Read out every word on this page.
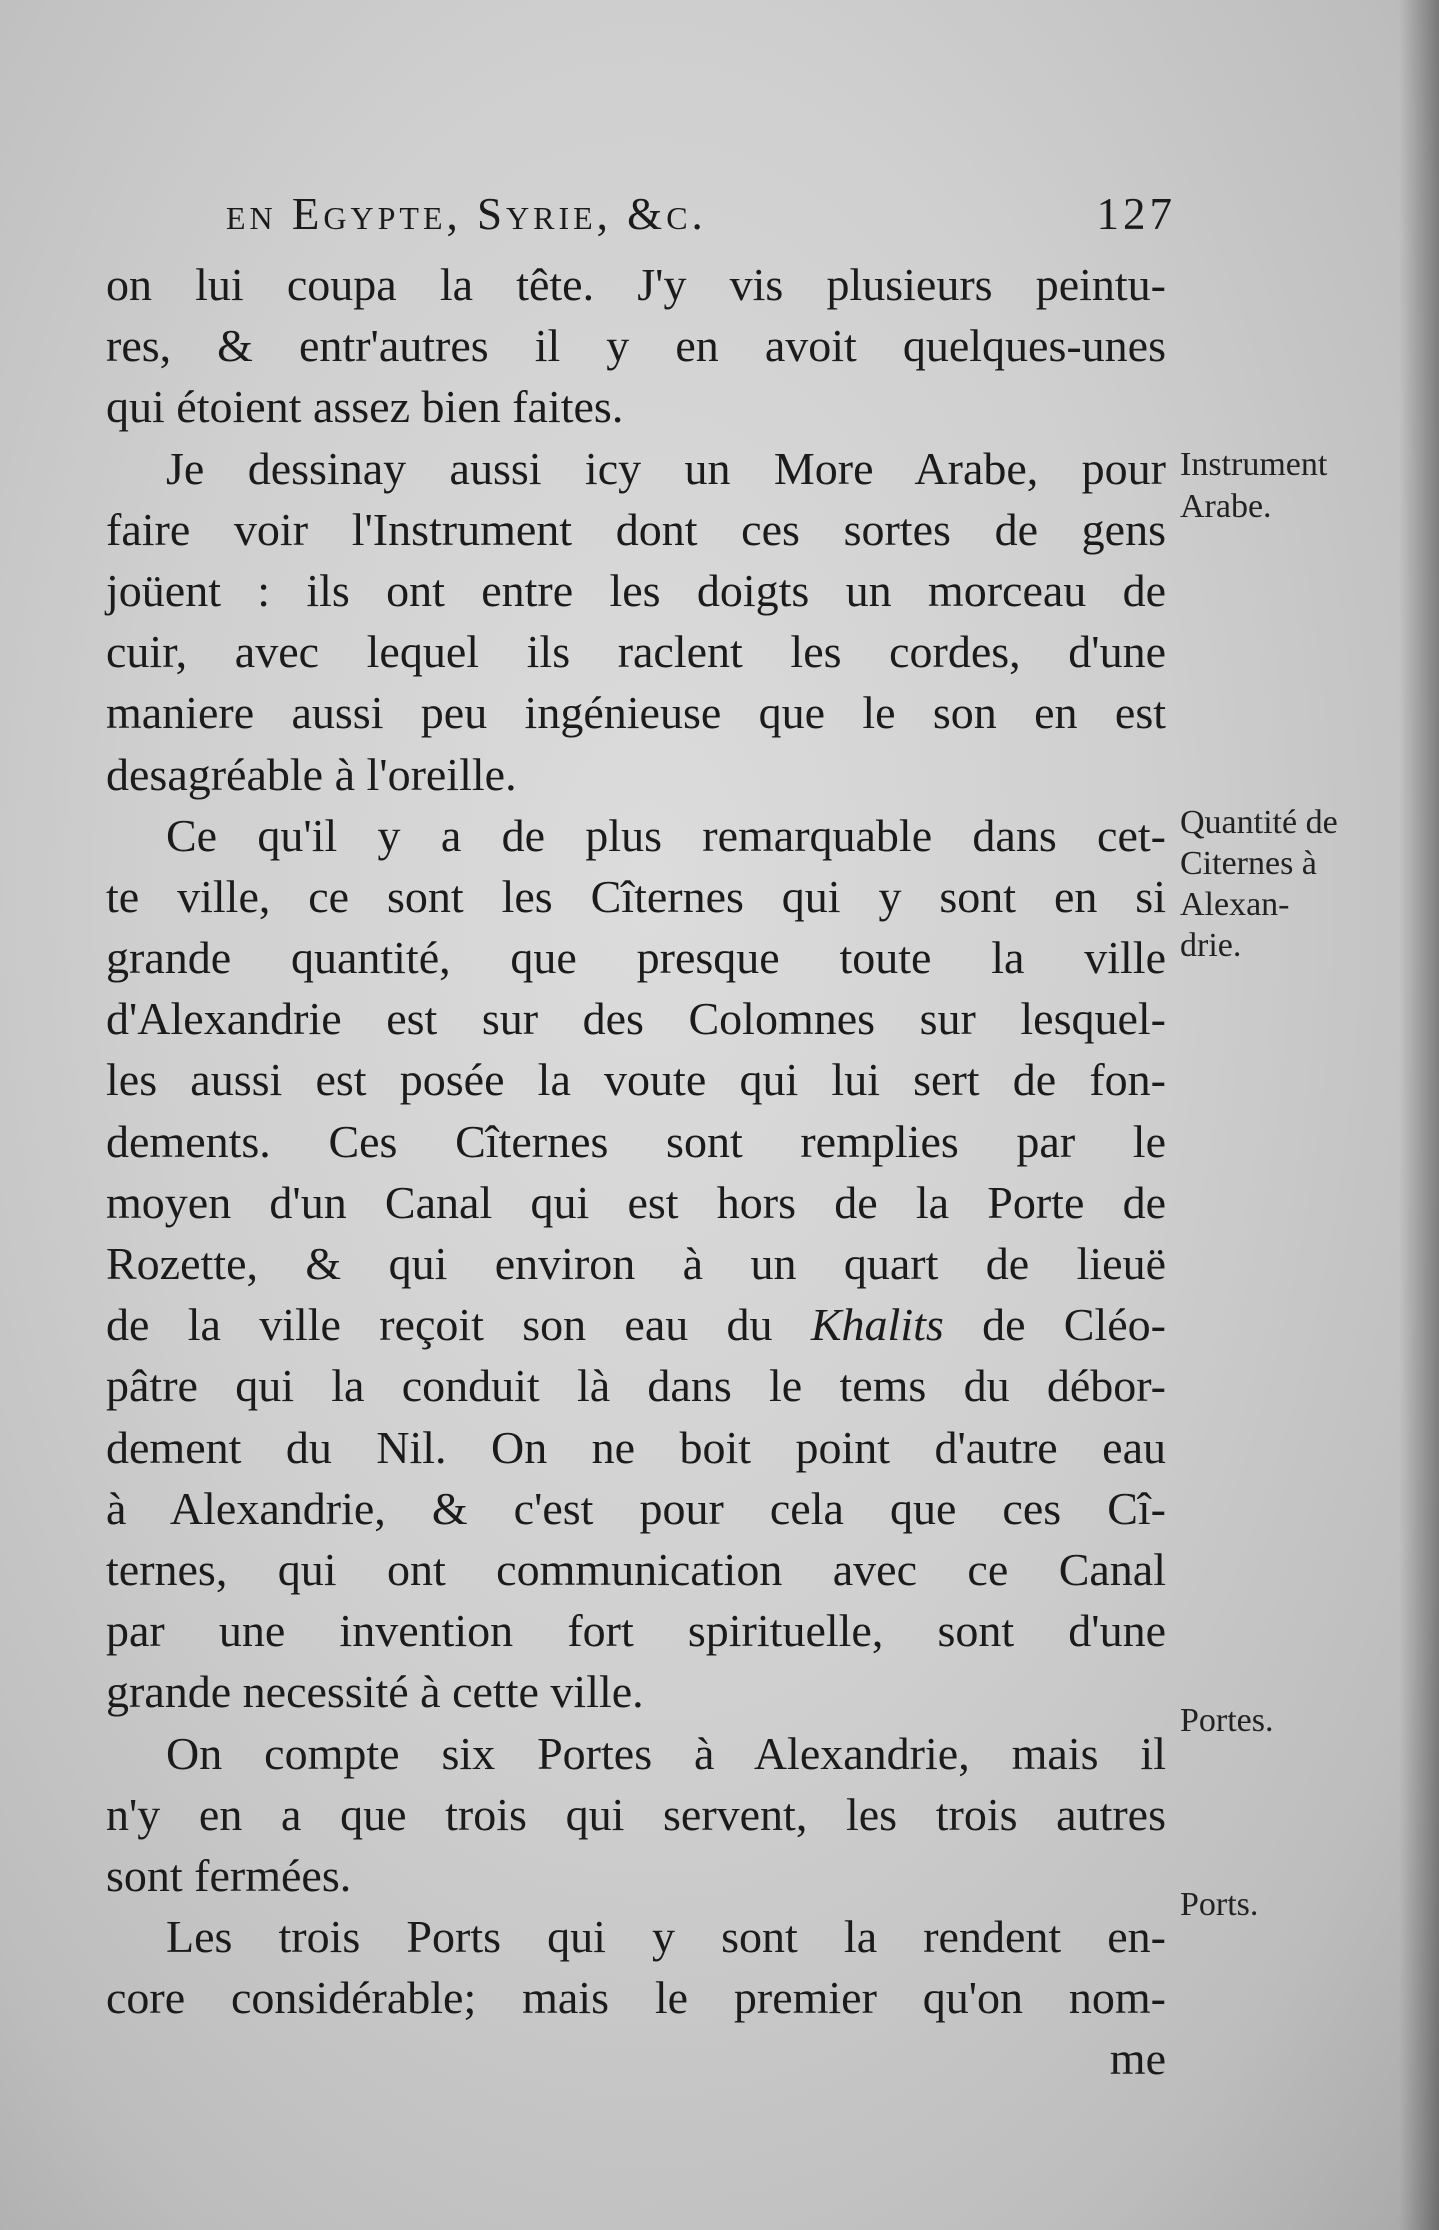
en Egypte, Syrie, &c.	127
on lui coupa la tête. J'y vis plusieurs peintu-
res, & entr'autres il y en avoit quelques-unes
qui étoient assez bien faites.
Je dessinay aussi icy un More Arabe, pour
faire voir l'Instrument dont ces sortes de gens
joüent : ils ont entre les doigts un morceau de
cuir, avec lequel ils raclent les cordes, d'une
maniere aussi peu ingénieuse que le son en est
desagréable à l'oreille.
Ce qu'il y a de plus remarquable dans cet-
te ville, ce sont les Cîternes qui y sont en si
grande quantité, que presque toute la ville
d'Alexandrie est sur des Colomnes sur lesquel-
les aussi est posée la voute qui lui sert de fon-
dements. Ces Cîternes sont remplies par le
moyen d'un Canal qui est hors de la Porte de
Rozette, & qui environ à un quart de lieuë
de la ville reçoit son eau du Khalits de Cléo-
pâtre qui la conduit là dans le tems du débor-
dement du Nil. On ne boit point d'autre eau
à Alexandrie, & c'est pour cela que ces Cî-
ternes, qui ont communication avec ce Canal
par une invention fort spirituelle, sont d'une
grande necessité à cette ville.
On compte six Portes à Alexandrie, mais il
n'y en a que trois qui servent, les trois autres
sont fermées.
Les trois Ports qui y sont la rendent en-
core considérable; mais le premier qu'on nom-
me
Instrument
Arabe.
Quantité de
Citernes à
Alexan-
drie.
Portes.
Ports.
